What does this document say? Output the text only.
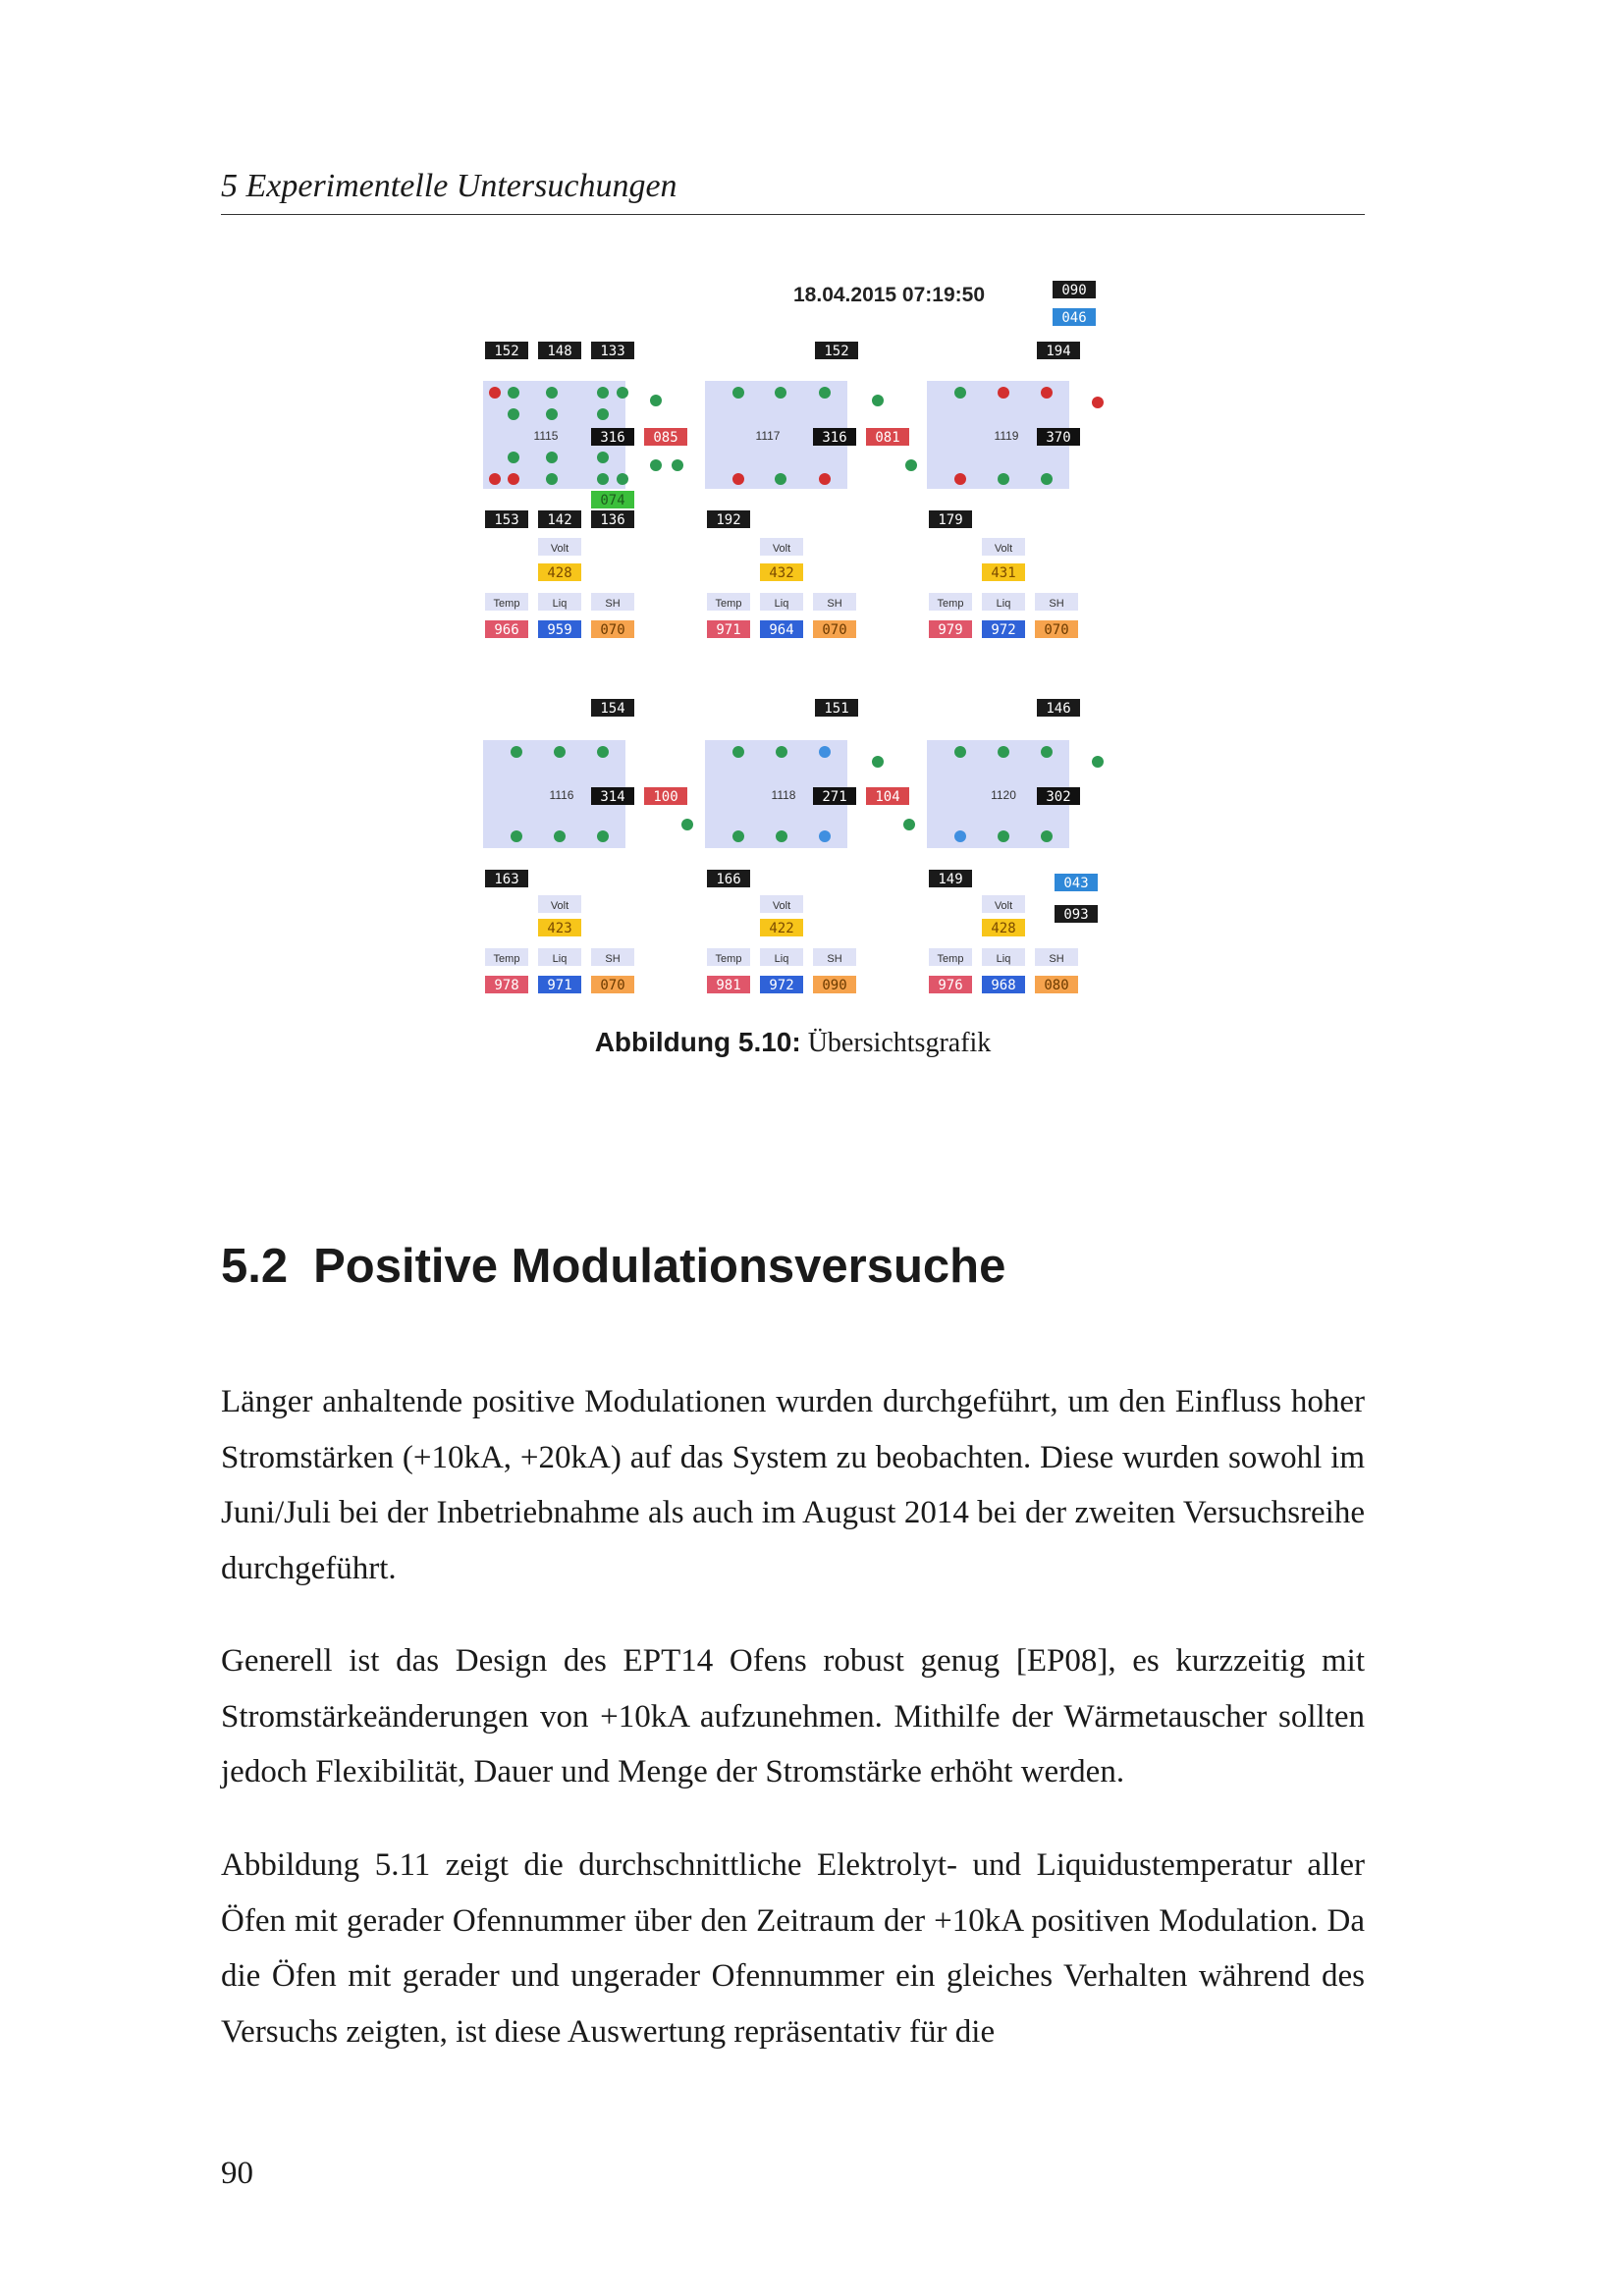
5 Experimentelle Untersuchungen
18.04.2015 07:19:50	090
046
152 148 133	152	194
1115	316 085
074
1117	316 081	1119 370
153 142 136	192	179
Volt
428
Temp	Liq	SH
966 959 070
Volt
432
Temp	Liq	SH
971 964 070
Volt
431
Temp	Liq	SH
979 972 070
154	151	146
1116 314 100	1118 271 104	1120 302
163	166	149	043
093
Volt
423
Temp	Liq	SH
978 971 070
Volt
422
Temp	Liq	SH
981 972 090
Volt
428
Temp	Liq	SH
976 968 080
Abbildung 5.10: Übersichtsgrafik
5.2 Positive Modulationsversuche

Länger anhaltende positive Modulationen wurden durchgeführt, um den Einfluss hoher Stromstärken (+10kA, +20kA) auf das System zu beobachten. Diese wurden sowohl im Juni/Juli bei der Inbetriebnahme als auch im August 2014 bei der zweiten Versuchsreihe durchgeführt.

Generell ist das Design des EPT14 Ofens robust genug [EP08], es kurzzeitig mit Stromstärkeänderungen von +10kA aufzunehmen. Mithilfe der Wärmetauscher sollten jedoch Flexibilität, Dauer und Menge der Stromstärke erhöht werden.

Abbildung 5.11 zeigt die durchschnittliche Elektrolyt- und Liquidustemperatur aller Öfen mit gerader Ofennummer über den Zeitraum der +10kA positiven Modulation. Da die Öfen mit gerader und ungerader Ofennummer ein gleiches Verhalten während des Versuchs zeigten, ist diese Auswertung repräsentativ für die

90
